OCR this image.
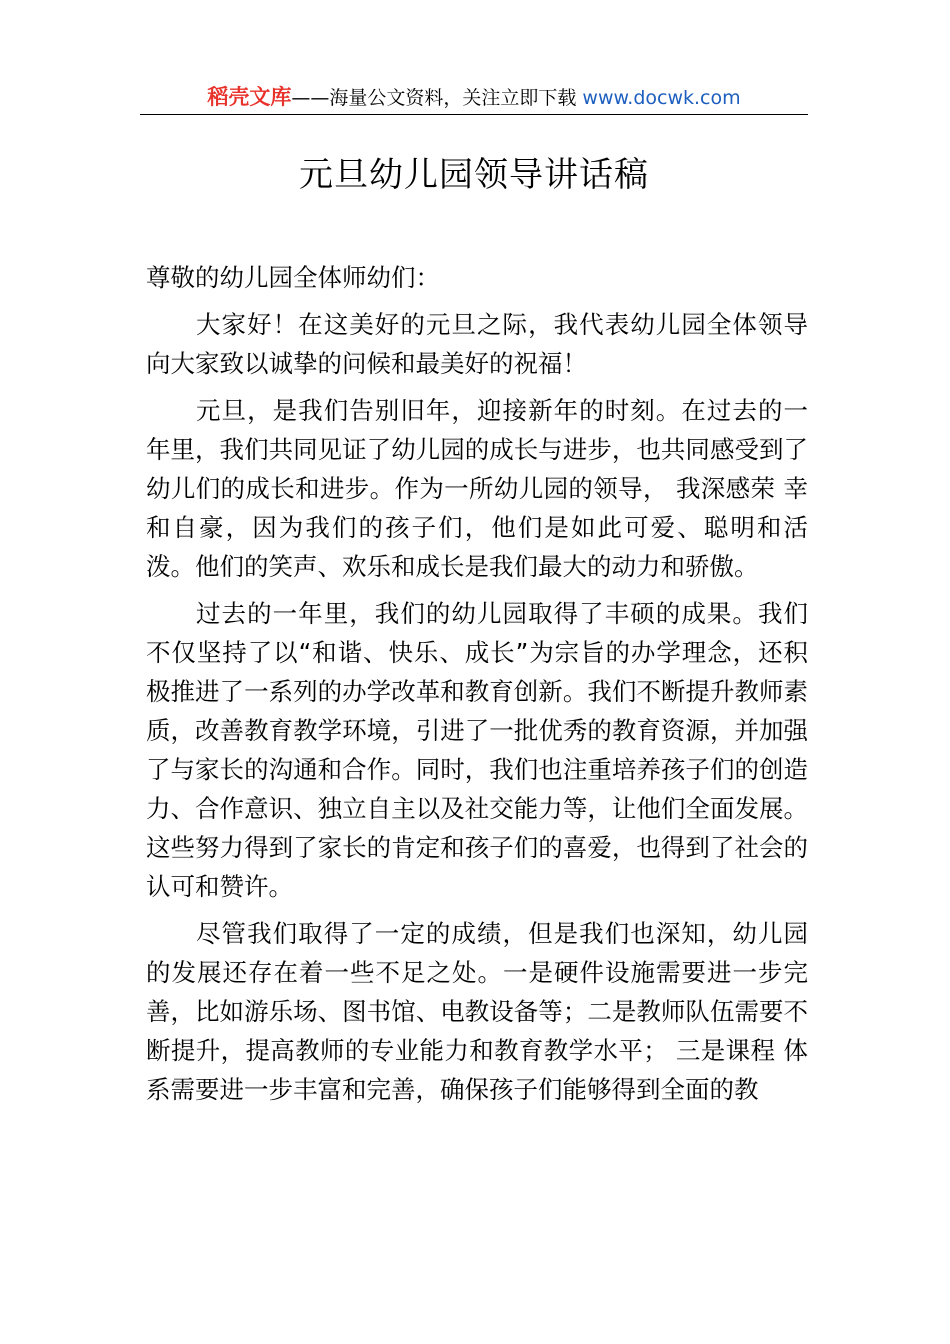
稻壳文库——海量公文资料，关注立即下载 www.docwk.com
元旦幼儿园领导讲话稿

尊敬的幼儿园全体师幼们：

大家好！在这美好的元旦之际，我代表幼儿园全体领导向大家致以诚挚的问候和最美好的祝福！

元旦，是我们告别旧年，迎接新年的时刻。在过去的一年里，我们共同见证了幼儿园的成长与进步，也共同感受到了幼儿们的成长和进步。作为一所幼儿园的领导， 我深感荣 幸和自豪，因为我们的孩子们，他们是如此可爱、聪明和活 泼。他们的笑声、欢乐和成长是我们最大的动力和骄傲。

过去的一年里，我们的幼儿园取得了丰硕的成果。我们不仅坚持了以“和谐、快乐、成长”为宗旨的办学理念，还积极推进了一系列的办学改革和教育创新。我们不断提升教师素质，改善教育教学环境，引进了一批优秀的教育资源，并加强了与家长的沟通和合作。同时，我们也注重培养孩子们的创造力、合作意识、独立自主以及社交能力等，让他们全面发展。这些努力得到了家长的肯定和孩子们的喜爱，也得到了社会的认可和赞许。

尽管我们取得了一定的成绩，但是我们也深知，幼儿园的发展还存在着一些不足之处。一是硬件设施需要进一步完善，比如游乐场、图书馆、电教设备等；二是教师队伍需要不断提升，提高教师的专业能力和教育教学水平； 三是课程 体系需要进一步丰富和完善，确保孩子们能够得到全面的教
